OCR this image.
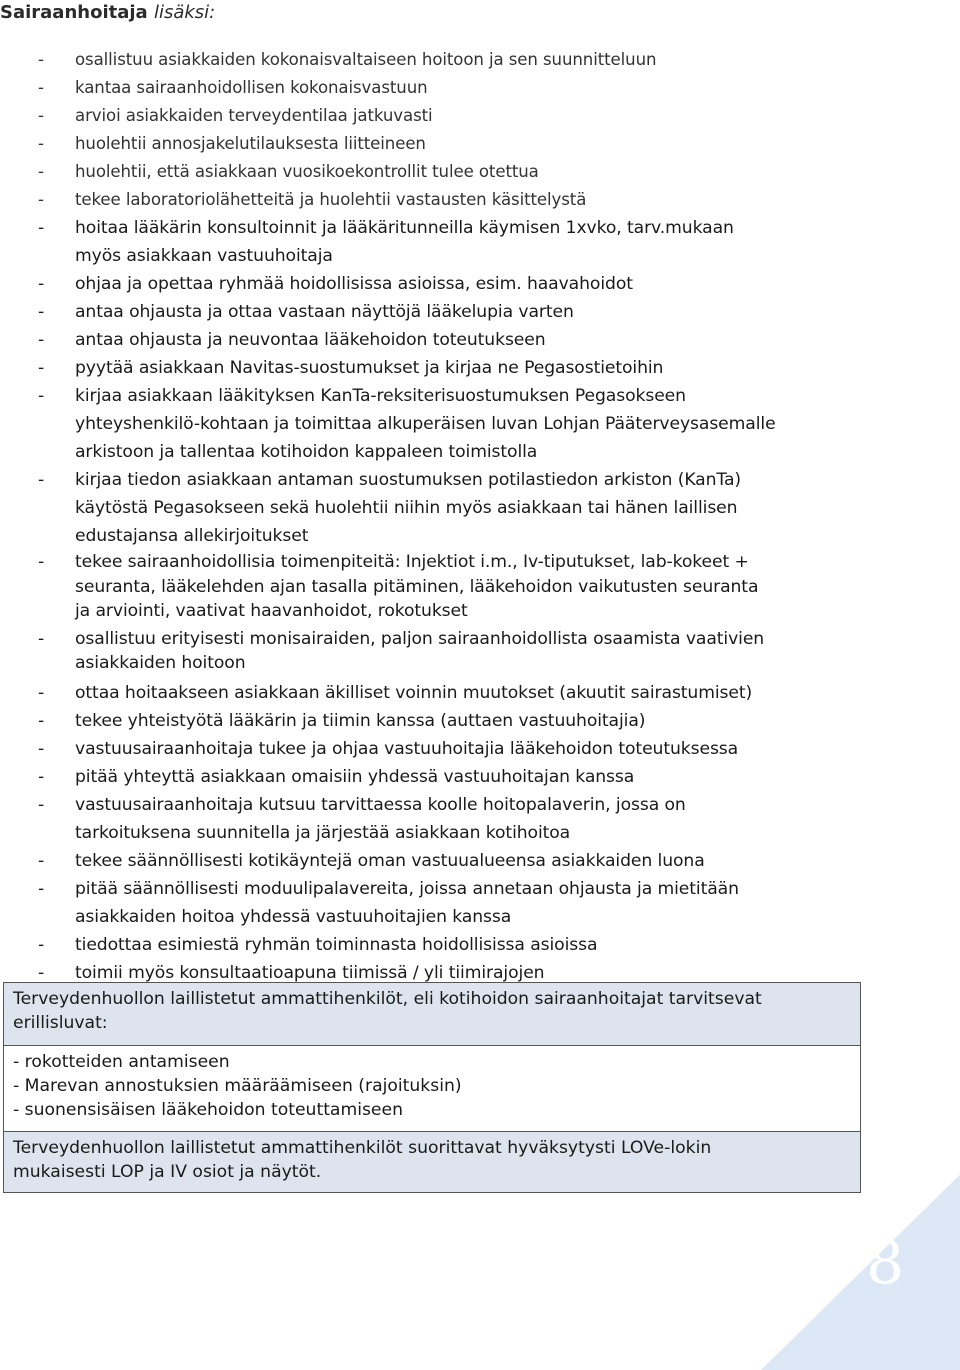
Sairaanhoitaja lisäksi:
- osallistuu asiakkaiden kokonaisvaltaiseen hoitoon ja sen suunnitteluun
- kantaa sairaanhoidollisen kokonaisvastuun
- arvioi asiakkaiden terveydentilaa jatkuvasti
- huolehtii annosjakelutilauksesta liitteineen
- huolehtii, että asiakkaan vuosikoekontrollit tulee otettua
- tekee laboratoriolähetteitä ja huolehtii vastausten käsittelystä
- hoitaa lääkärin konsultoinnit ja lääkäritunneilla käymisen 1xvko, tarv.mukaan
myös asiakkaan vastuuhoitaja
- ohjaa ja opettaa ryhmää hoidollisissa asioissa, esim. haavahoidot
- antaa ohjausta ja ottaa vastaan näyttöjä lääkelupia varten
- antaa ohjausta ja neuvontaa lääkehoidon toteutukseen
- pyytää asiakkaan Navitas-suostumukset ja kirjaa ne Pegasostietoihin
- kirjaa asiakkaan lääkityksen KanTa-reksiterisuostumuksen Pegasokseen
yhteyshenkilö-kohtaan ja toimittaa alkuperäisen luvan Lohjan Pääterveysasemalle
arkistoon ja tallentaa kotihoidon kappaleen toimistolla
- kirjaa tiedon asiakkaan antaman suostumuksen potilastiedon arkiston (KanTa)
käytöstä Pegasokseen sekä huolehtii niihin myös asiakkaan tai hänen laillisen
edustajansa allekirjoitukset
- tekee sairaanhoidollisia toimenpiteitä: Injektiot i.m., Iv-tiputukset, lab-kokeet +
seuranta, lääkelehden ajan tasalla pitäminen, lääkehoidon vaikutusten seuranta
ja arviointi, vaativat haavanhoidot, rokotukset
- osallistuu erityisesti monisairaiden, paljon sairaanhoidollista osaamista vaativien
asiakkaiden hoitoon
- ottaa hoitaakseen asiakkaan äkilliset voinnin muutokset (akuutit sairastumiset)
- tekee yhteistyötä lääkärin ja tiimin kanssa (auttaen vastuuhoitajia)
- vastuusairaanhoitaja tukee ja ohjaa vastuuhoitajia lääkehoidon toteutuksessa
- pitää yhteyttä asiakkaan omaisiin yhdessä vastuuhoitajan kanssa
- vastuusairaanhoitaja kutsuu tarvittaessa koolle hoitopalaverin, jossa on
tarkoituksena suunnitella ja järjestää asiakkaan kotihoitoa
- tekee säännöllisesti kotikäyntejä oman vastuualueensa asiakkaiden luona
- pitää säännöllisesti moduulipalavereita, joissa annetaan ohjausta ja mietitään
asiakkaiden hoitoa yhdessä vastuuhoitajien kanssa
- tiedottaa esimiestä ryhmän toiminnasta hoidollisissa asioissa
- toimii myös konsultaatioapuna tiimissä / yli tiimirajojen
Terveydenhuollon laillistetut ammattihenkilöt, eli kotihoidon sairaanhoitajat tarvitsevat
erillisluvat:

- rokotteiden antamiseen
- Marevan annostuksien määräämiseen (rajoituksin)
- suonensisäisen lääkehoidon toteuttamiseen

Terveydenhuollon laillistetut ammattihenkilöt suorittavat hyväksytysti LOVe-lokin
mukaisesti LOP ja IV osiot ja näytöt.
8
